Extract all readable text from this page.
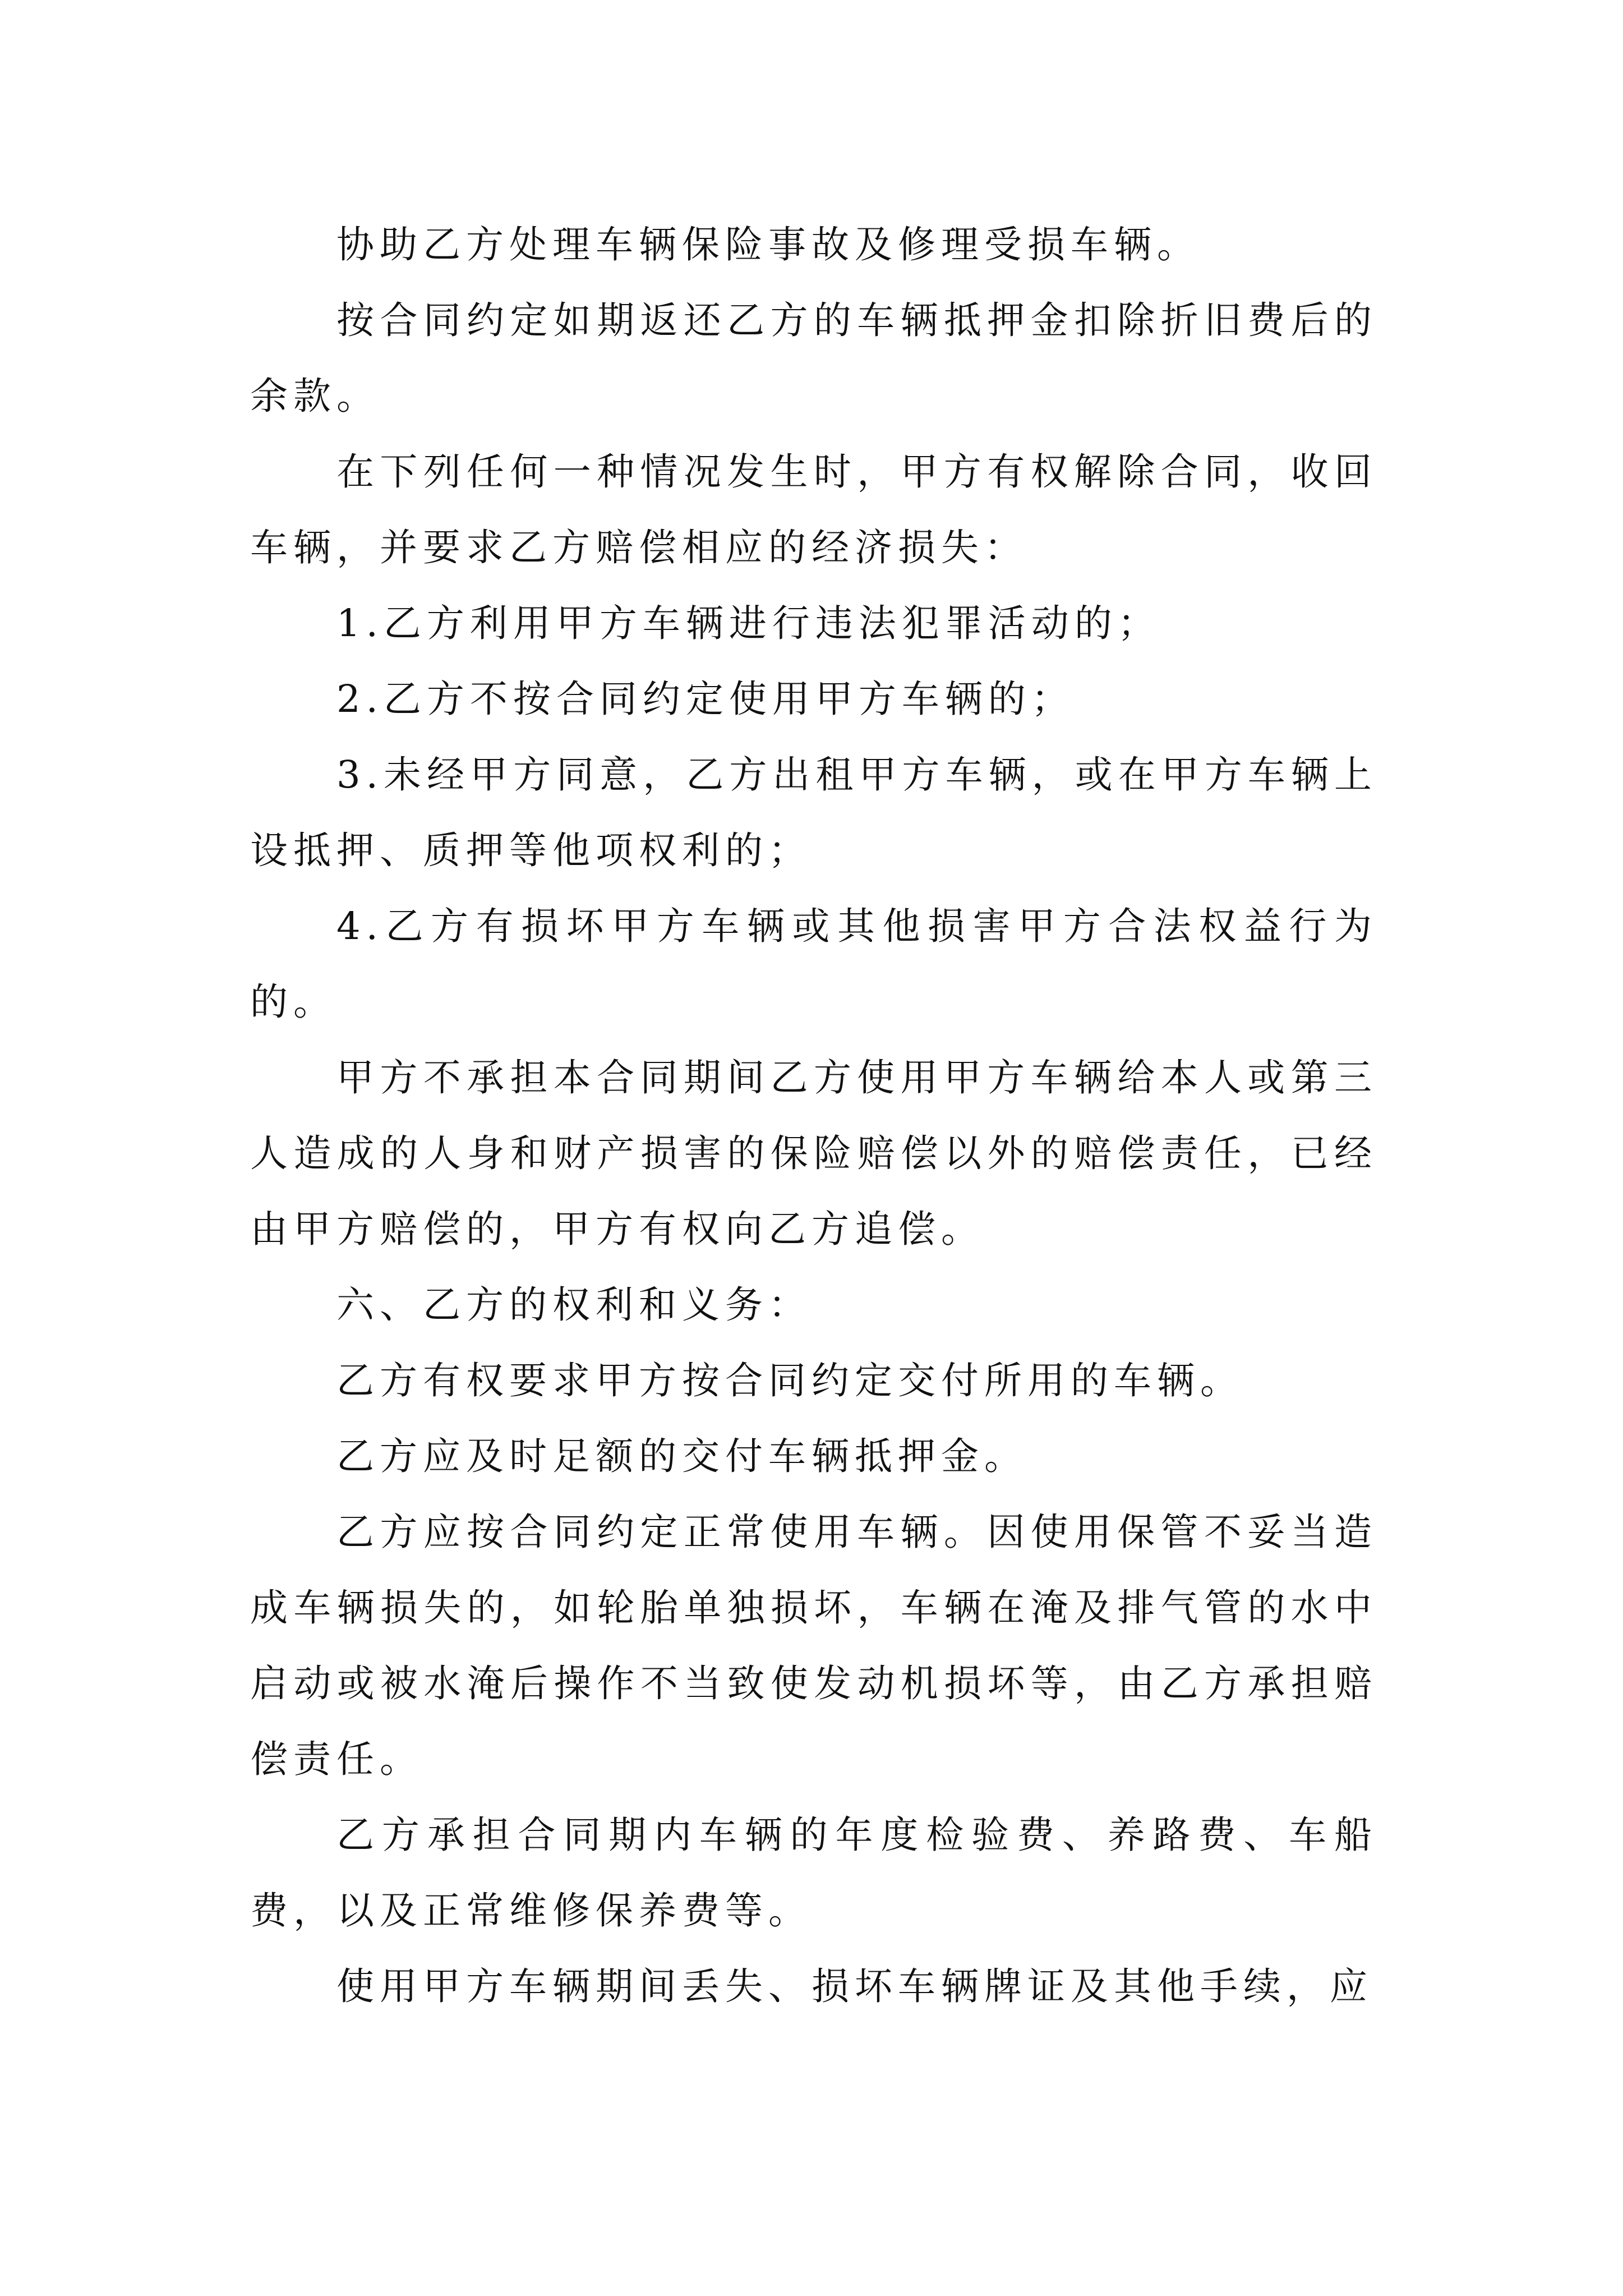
协助乙方处理车辆保险事故及修理受损车辆。

按合同约定如期返还乙方的车辆抵押金扣除折旧费后的余款。

在下列任何一种情况发生时，甲方有权解除合同，收回车辆，并要求乙方赔偿相应的经济损失：

1.乙方利用甲方车辆进行违法犯罪活动的；

2.乙方不按合同约定使用甲方车辆的；

3.未经甲方同意，乙方出租甲方车辆，或在甲方车辆上设抵押、质押等他项权利的；

4.乙方有损坏甲方车辆或其他损害甲方合法权益行为的。

甲方不承担本合同期间乙方使用甲方车辆给本人或第三人造成的人身和财产损害的保险赔偿以外的赔偿责任，已经由甲方赔偿的，甲方有权向乙方追偿。

六、乙方的权利和义务：

乙方有权要求甲方按合同约定交付所用的车辆。

乙方应及时足额的交付车辆抵押金。

乙方应按合同约定正常使用车辆。因使用保管不妥当造成车辆损失的，如轮胎单独损坏，车辆在淹及排气管的水中启动或被水淹后操作不当致使发动机损坏等，由乙方承担赔偿责任。

乙方承担合同期内车辆的年度检验费、养路费、车船费，以及正常维修保养费等。

使用甲方车辆期间丢失、损坏车辆牌证及其他手续，应
